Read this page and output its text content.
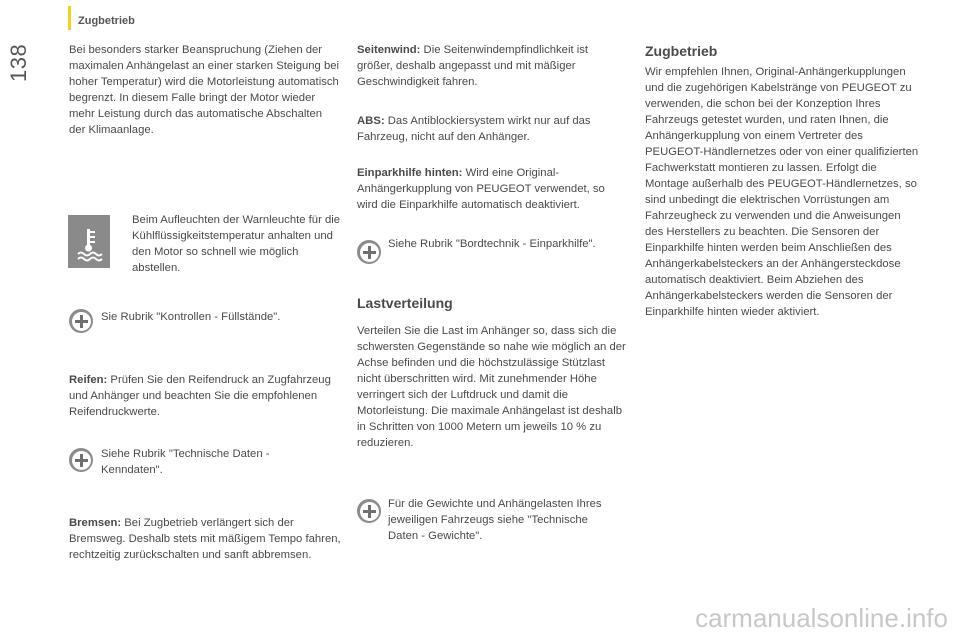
Zugbetrieb
138	Bei besonders starker Beanspruchung (Ziehen der maximalen Anhängelast an einer starken Steigung bei hoher Temperatur) wird die Motorleistung automatisch begrenzt. In diesem Falle bringt der Motor wieder mehr Leistung durch das automatische Abschalten der Klimaanlage.

Beim Aufleuchten der Warnleuchte für die Kühlflüssigkeitstemperatur anhalten und den Motor so schnell wie möglich abstellen.

Sie Rubrik "Kontrollen - Füllstände".

Reifen: Prüfen Sie den Reifendruck an Zugfahrzeug und Anhänger und beachten Sie die empfohlenen Reifendruckwerte.

Siehe Rubrik "Technische Daten - Kenndaten".

Bremsen: Bei Zugbetrieb verlängert sich der Bremsweg. Deshalb stets mit mäßigem Tempo fahren, rechtzeitig zurückschalten und sanft abbremsen.

Seitenwind: Die Seitenwindempfindlichkeit ist größer, deshalb angepasst und mit mäßiger Geschwindigkeit fahren.

ABS: Das Antiblockiersystem wirkt nur auf das Fahrzeug, nicht auf den Anhänger.

Einparkhilfe hinten: Wird eine Original-Anhängerkupplung von PEUGEOT verwendet, so wird die Einparkhilfe automatisch deaktiviert.

Siehe Rubrik "Bordtechnik - Einparkhilfe".

Lastverteilung

Verteilen Sie die Last im Anhänger so, dass sich die schwersten Gegenstände so nahe wie möglich an der Achse befinden und die höchstzulässige Stützlast nicht überschritten wird. Mit zunehmender Höhe verringert sich der Luftdruck und damit die Motorleistung. Die maximale Anhängelast ist deshalb in Schritten von 1000 Metern um jeweils 10 % zu reduzieren.

Für die Gewichte und Anhängelasten Ihres jeweiligen Fahrzeugs siehe "Technische Daten - Gewichte".

Zugbetrieb

Wir empfehlen Ihnen, Original-Anhängerkupplungen und die zugehörigen Kabelstränge von PEUGEOT zu verwenden, die schon bei der Konzeption Ihres Fahrzeugs getestet wurden, und raten Ihnen, die Anhängerkupplung von einem Vertreter des PEUGEOT-Händlernetzes oder von einer qualifizierten Fachwerkstatt montieren zu lassen. Erfolgt die Montage außerhalb des PEUGEOT-Händlernetzes, so sind unbedingt die elektrischen Vorrüstungen am Fahrzeugheck zu verwenden und die Anweisungen des Herstellers zu beachten. Die Sensoren der Einparkhilfe hinten werden beim Anschließen des Anhängerkabelsteckers an der Anhängersteckdose automatisch deaktiviert. Beim Abziehen des Anhängerkabelsteckers werden die Sensoren der Einparkhilfe hinten wieder aktiviert.

carmanualsonline.info
